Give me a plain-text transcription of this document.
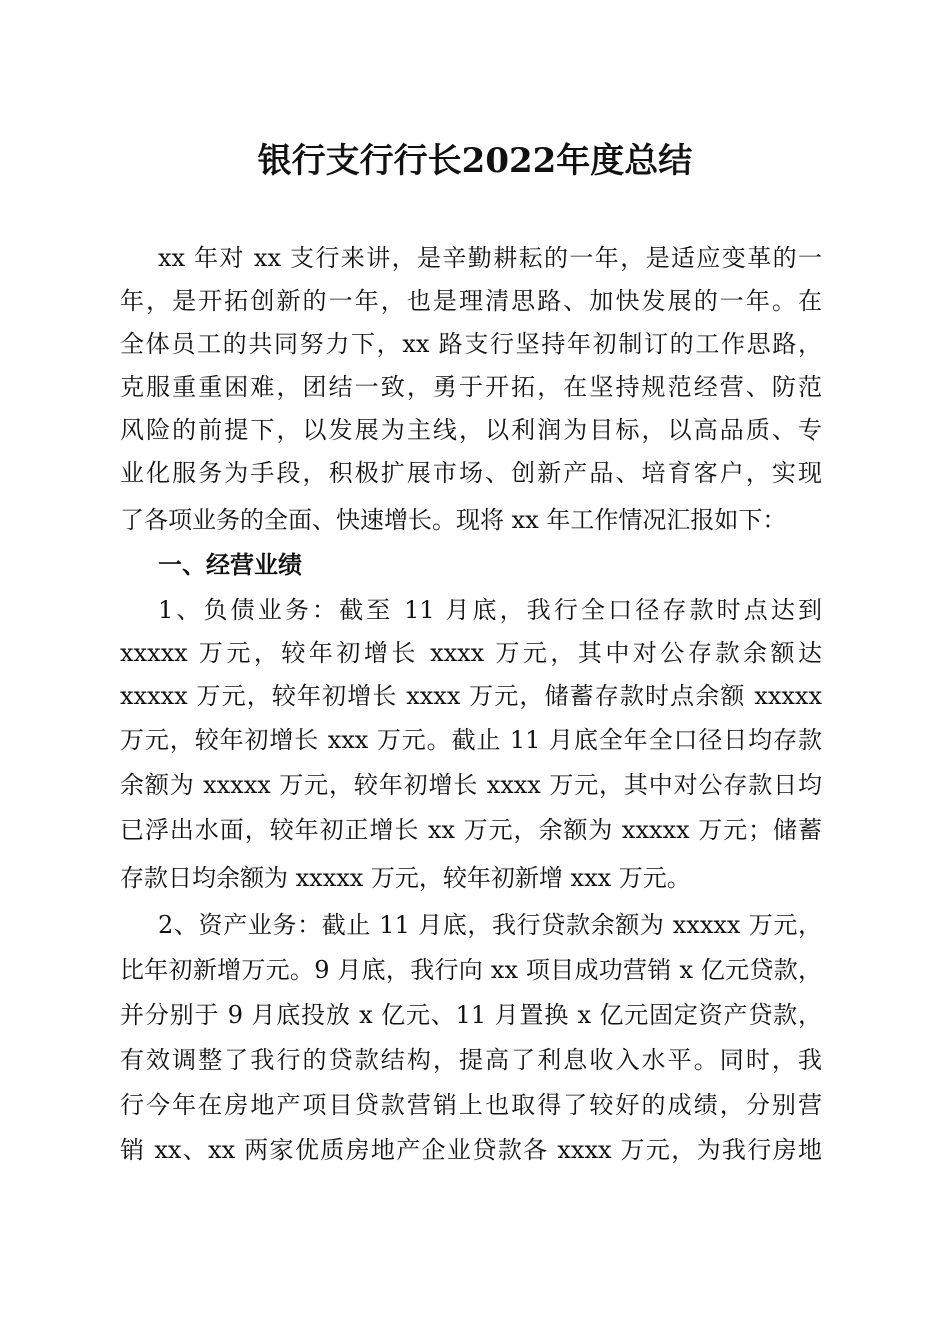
银行支行行长2022年度总结

xx 年对 xx 支行来讲，是辛勤耕耘的一年，是适应变革的一

年，是开拓创新的一年，也是理清思路、加快发展的一年。在

全体员工的共同努力下，xx 路支行坚持年初制订的工作思路，

克服重重困难，团结一致，勇于开拓，在坚持规范经营、防范

风险的前提下，以发展为主线，以利润为目标，以高品质、专

业化服务为手段，积极扩展市场、创新产品、培育客户，实现

了各项业务的全面、快速增长。现将 xx 年工作情况汇报如下：

一、经营业绩

1、负债业务：截至 11 月底，我行全口径存款时点达到

xxxxx 万元，较年初增长 xxxx 万元，其中对公存款余额达

xxxxx 万元，较年初增长 xxxx 万元，储蓄存款时点余额 xxxxx

万元，较年初增长 xxx 万元。截止 11 月底全年全口径日均存款

余额为 xxxxx 万元，较年初增长 xxxx 万元，其中对公存款日均

已浮出水面，较年初正增长 xx 万元，余额为 xxxxx 万元；储蓄

存款日均余额为 xxxxx 万元，较年初新增 xxx 万元。

2、资产业务：截止 11 月底，我行贷款余额为 xxxxx 万元，

比年初新增万元。9 月底，我行向 xx 项目成功营销 x 亿元贷款，

并分别于 9 月底投放 x 亿元、11 月置换 x 亿元固定资产贷款，

有效调整了我行的贷款结构，提高了利息收入水平。同时，我

行今年在房地产项目贷款营销上也取得了较好的成绩，分别营

销 xx、xx 两家优质房地产企业贷款各 xxxx 万元，为我行房地
